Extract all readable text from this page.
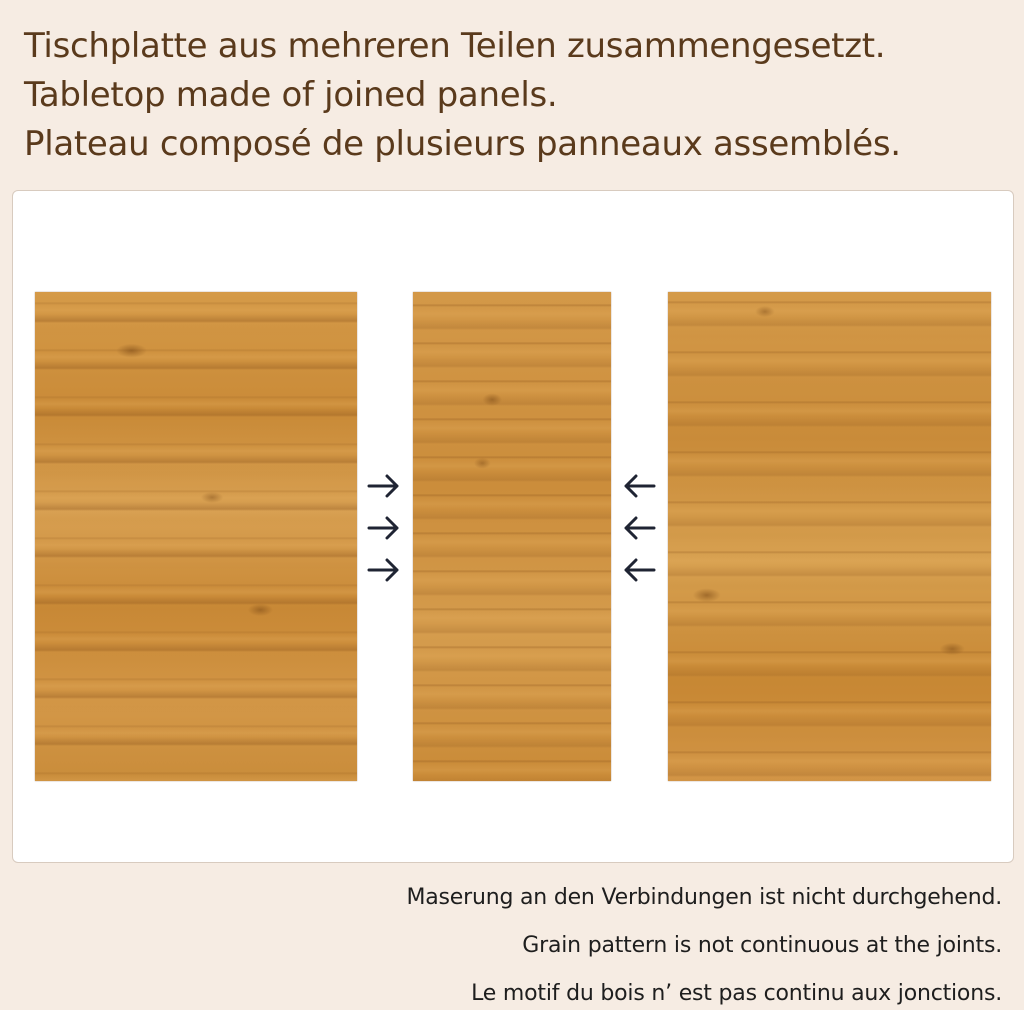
Tischplatte aus mehreren Teilen zusammengesetzt.
Tabletop made of joined panels.
Plateau composé de plusieurs panneaux assemblés.
Maserung an den Verbindungen ist nicht durchgehend.
Grain pattern is not continuous at the joints.
Le motif du bois n’ est pas continu aux jonctions.
